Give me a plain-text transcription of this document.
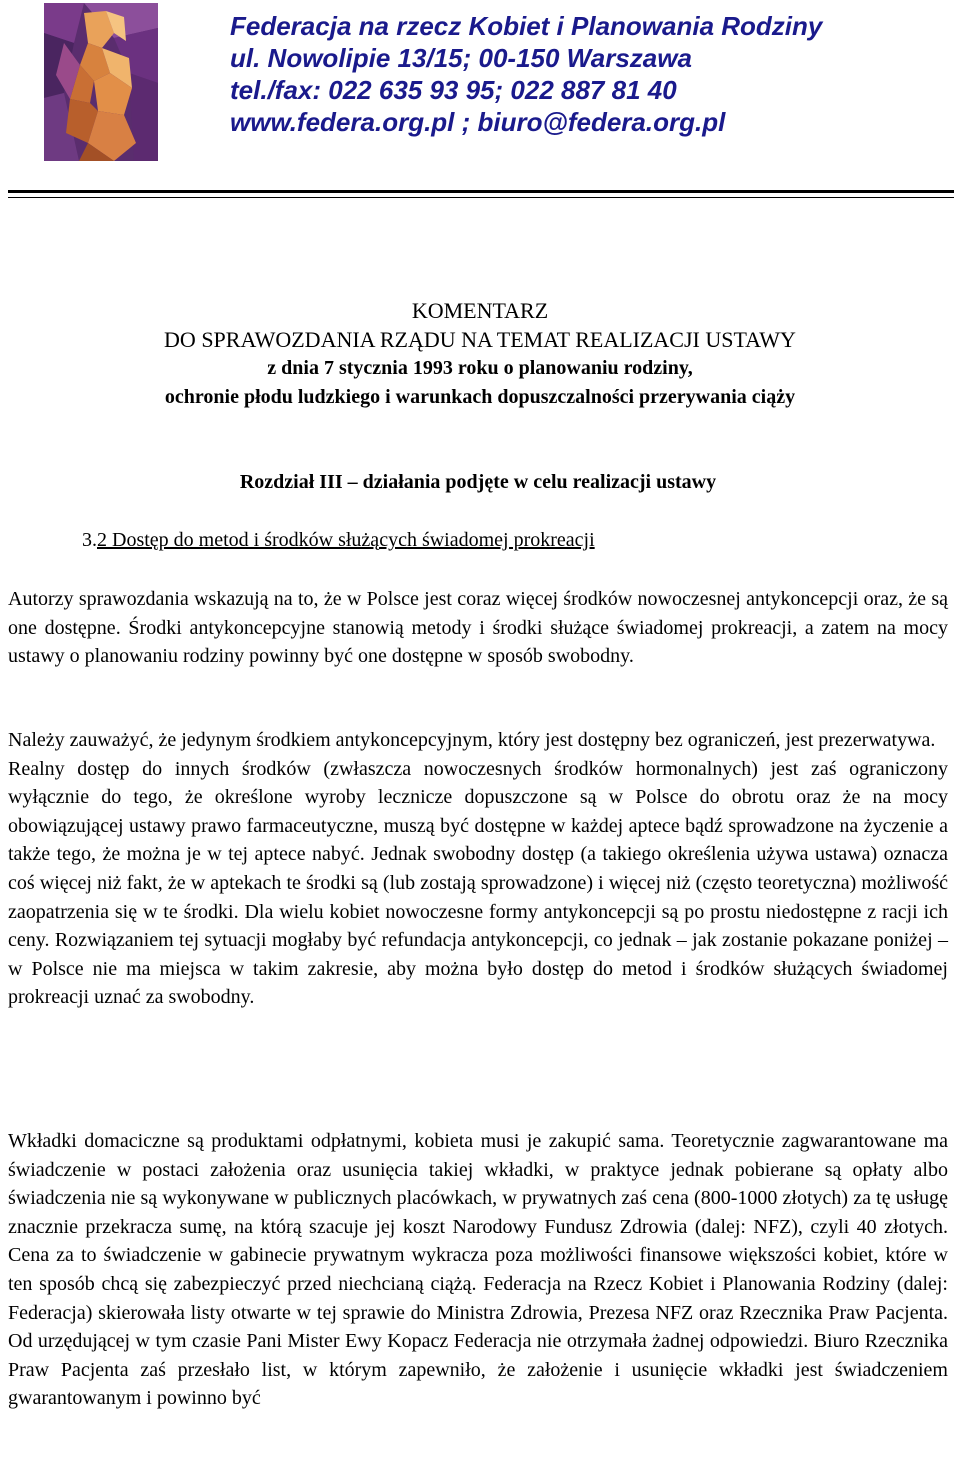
Federacja na rzecz Kobiet i Planowania Rodziny
ul. Nowolipie 13/15; 00-150 Warszawa
tel./fax: 022 635 93 95; 022 887 81 40
www.federa.org.pl ; biuro@federa.org.pl
KOMENTARZ
DO SPRAWOZDANIA RZĄDU NA TEMAT REALIZACJI USTAWY
z dnia 7 stycznia 1993 roku o planowaniu rodziny,
ochronie płodu ludzkiego i warunkach dopuszczalności przerywania ciąży
Rozdział III – działania podjęte w celu realizacji ustawy
3.2 Dostęp do metod i środków służących świadomej prokreacji

Autorzy sprawozdania wskazują na to, że w Polsce jest coraz więcej środków nowoczesnej antykoncepcji oraz, że są one dostępne. Środki antykoncepcyjne stanowią metody i środki służące świadomej prokreacji, a zatem na mocy ustawy o planowaniu rodziny powinny być one dostępne w sposób swobodny.

Należy zauważyć, że jedynym środkiem antykoncepcyjnym, który jest dostępny bez ograniczeń, jest prezerwatywa.

Realny dostęp do innych środków (zwłaszcza nowoczesnych środków hormonalnych) jest zaś ograniczony wyłącznie do tego, że określone wyroby lecznicze dopuszczone są w Polsce do obrotu oraz że na mocy obowiązującej ustawy prawo farmaceutyczne, muszą być dostępne w każdej aptece bądź sprowadzone na życzenie a także tego, że można je w tej aptece nabyć. Jednak swobodny dostęp (a takiego określenia używa ustawa) oznacza coś więcej niż fakt, że w aptekach te środki są (lub zostają sprowadzone) i więcej niż (często teoretyczna) możliwość zaopatrzenia się w te środki. Dla wielu kobiet nowoczesne formy antykoncepcji są po prostu niedostępne z racji ich ceny. Rozwiązaniem tej sytuacji mogłaby być refundacja antykoncepcji, co jednak – jak zostanie pokazane poniżej – w Polsce nie ma miejsca w takim zakresie, aby można było dostęp do metod i środków służących świadomej prokreacji uznać za swobodny.

Wkładki domaciczne są produktami odpłatnymi, kobieta musi je zakupić sama. Teoretycznie zagwarantowane ma świadczenie w postaci założenia oraz usunięcia takiej wkładki, w praktyce jednak pobierane są opłaty albo świadczenia nie są wykonywane w publicznych placówkach, w prywatnych zaś cena (800-1000 złotych) za tę usługę znacznie przekracza sumę, na którą szacuje jej koszt Narodowy Fundusz Zdrowia (dalej: NFZ), czyli 40 złotych. Cena za to świadczenie w gabinecie prywatnym wykracza poza możliwości finansowe większości kobiet, które w ten sposób chcą się zabezpieczyć przed niechcianą ciążą. Federacja na Rzecz Kobiet i Planowania Rodziny (dalej: Federacja) skierowała listy otwarte w tej sprawie do Ministra Zdrowia, Prezesa NFZ oraz Rzecznika Praw Pacjenta. Od urzędującej w tym czasie Pani Mister Ewy Kopacz Federacja nie otrzymała żadnej odpowiedzi. Biuro Rzecznika Praw Pacjenta zaś przesłało list, w którym zapewniło, że założenie i usunięcie wkładki jest świadczeniem gwarantowanym i powinno być
